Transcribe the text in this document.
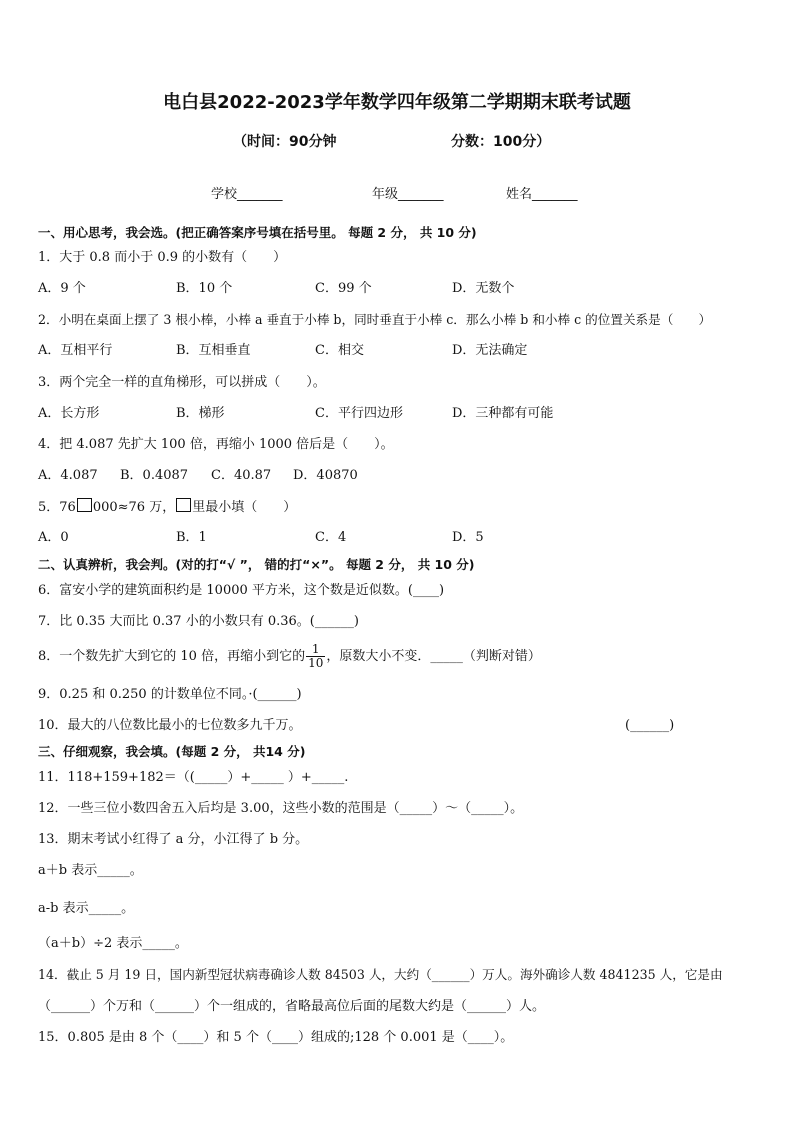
电白县2022-2023学年数学四年级第二学期期末联考试题
（时间：90分钟	分数：100分）
学校_______	年级_______	姓名_______
一、用心思考，我会选。(把正确答案序号填在括号里。 每题 2 分， 共 10 分)
1．大于 0.8 而小于 0.9 的小数有（　　）
A．9 个	B．10 个	C．99 个	D．无数个
2．小明在桌面上摆了 3 根小棒，小棒 a 垂直于小棒 b，同时垂直于小棒 c．那么小棒 b 和小棒 c 的位置关系是（　　）
A．互相平行	B．互相垂直	C．相交	D．无法确定
3．两个完全一样的直角梯形，可以拼成（　　）。
A．长方形	B．梯形	C．平行四边形	D．三种都有可能
4．把 4.087 先扩大 100 倍，再缩小 1000 倍后是（　　）。
A．4.087 B．0.4087 C．40.87 D．40870
5．76 000≈76 万， 里最小填（　　）
A．0	B．1	C．4	D．5
二、认真辨析，我会判。(对的打“√ ”， 错的打“×”。 每题 2 分， 共 10 分)
6．富安小学的建筑面积约是 10000 平方米，这个数是近似数。(____)
7．比 0.35 大而比 0.37 小的小数只有 0.36。(______)
8．一个数先扩大到它的 10 倍，再缩小到它的 $\frac{1}{10}$ ，原数大小不变．_____（判断对错）
9．0.25 和 0.250 的计数单位不同。·(______)
10．最大的八位数比最小的七位数多九千万。	(______)
三、仔细观察，我会填。(每题 2 分， 共14 分)
11．118+159+182＝（(_____）+_____ ）+_____.
12．一些三位小数四舍五入后均是 3.00，这些小数的范围是（_____）～（_____）。
13．期末考试小红得了 a 分，小江得了 b 分。
a＋b 表示_____。
a-b 表示_____。
（a＋b）÷2 表示_____。
14．截止 5 月 19 日，国内新型冠状病毒确诊人数 84503 人，大约（______）万人。海外确诊人数 4841235 人，它是由
（______）个万和（______）个一组成的，省略最高位后面的尾数大约是（______）人。
15．0.805 是由 8 个（____）和 5 个（____）组成的;128 个 0.001 是（____）。
